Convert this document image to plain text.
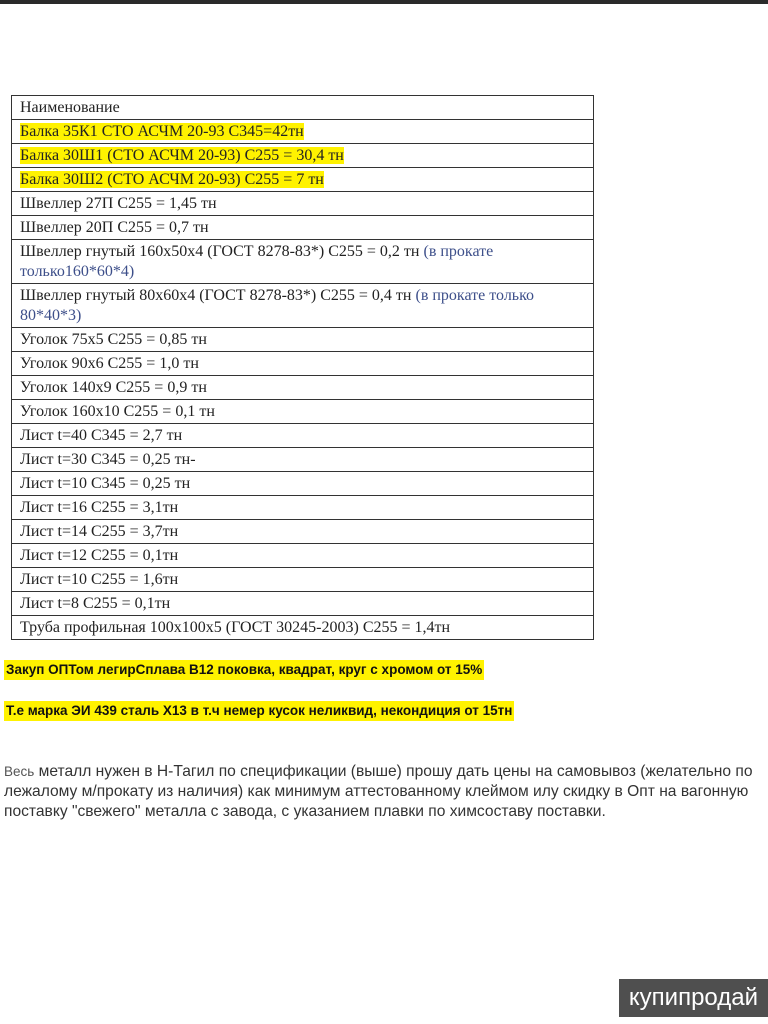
Наименование
Балка 35К1 СТО АСЧМ 20-93 С345=42тн
Балка 30Ш1 (СТО АСЧМ 20-93) С255 = 30,4 тн
Балка 30Ш2 (СТО АСЧМ 20-93) С255 = 7 тн
Швеллер 27П С255 = 1,45 тн
Швеллер 20П С255 = 0,7 тн
Швеллер гнутый 160х50х4 (ГОСТ 8278-83*) С255 = 0,2 тн (в прокате только160*60*4)
Швеллер гнутый 80х60х4 (ГОСТ 8278-83*) С255 = 0,4 тн (в прокате только 80*40*3)
Уголок 75х5 С255 = 0,85 тн
Уголок 90х6 С255 = 1,0 тн
Уголок 140х9 С255 = 0,9 тн
Уголок 160х10 С255 = 0,1 тн
Лист t=40 С345 = 2,7 тн
Лист t=30 С345 = 0,25 тн-
Лист t=10 С345 = 0,25 тн
Лист t=16 С255 = 3,1тн
Лист t=14 С255 = 3,7тн
Лист t=12 С255 = 0,1тн
Лист t=10 С255 = 1,6тн
Лист t=8 С255 = 0,1тн
Труба профильная 100х100х5 (ГОСТ 30245-2003) С255 = 1,4тн
Закуп ОПТом легирСплава В12 поковка, квадрат, круг с хромом от 15%
Т.е марка ЭИ 439 сталь Х13 в т.ч немер кусок неликвид, некондиция от 15тн

Весь металл нужен в Н-Тагил по спецификации (выше) прошу дать цены на самовывоз (желательно по лежалому м/прокату из наличия) как минимум аттестованному клеймом илу скидку в Опт на вагонную поставку "свежего" металла с завода, с указанием плавки по химсоставу поставки.

купипродай
